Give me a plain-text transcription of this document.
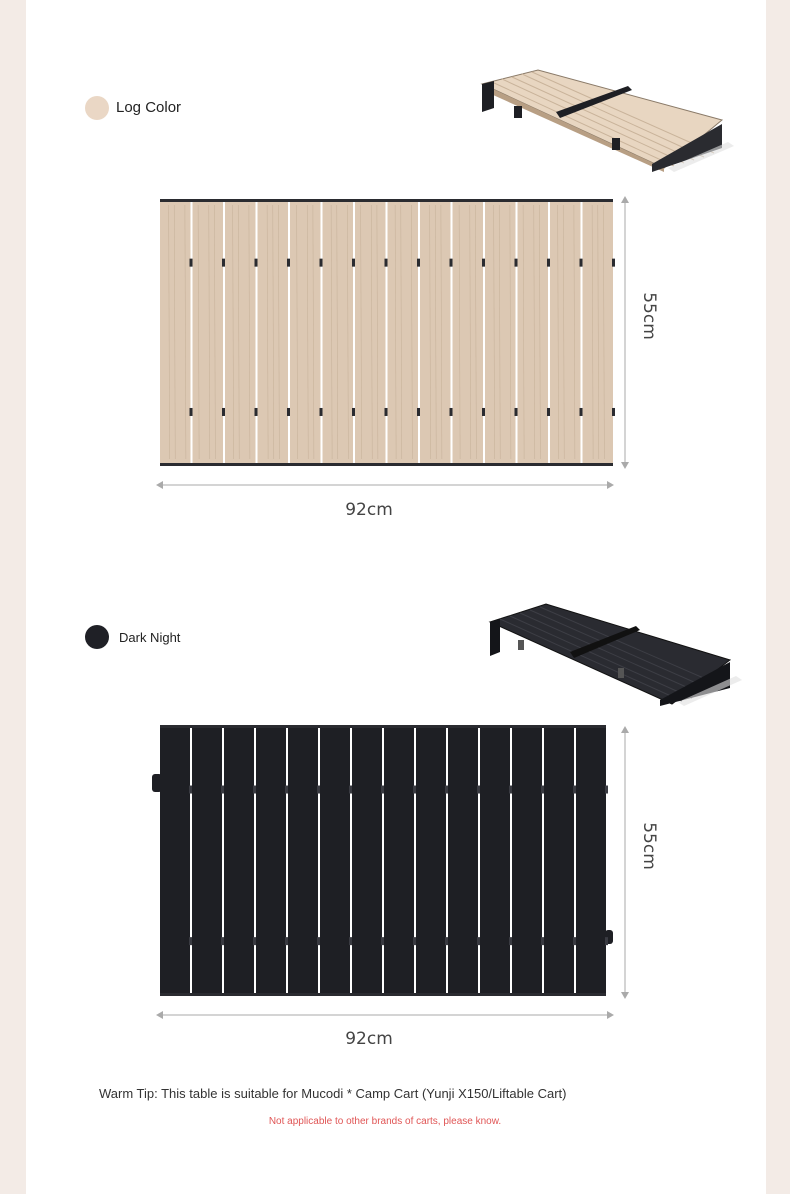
Log Color
55cm
92cm
Dark Night
55cm
92cm
Warm Tip: This table is suitable for Mucodi * Camp Cart (Yunji X150/Liftable Cart)
Not applicable to other brands of carts, please know.
